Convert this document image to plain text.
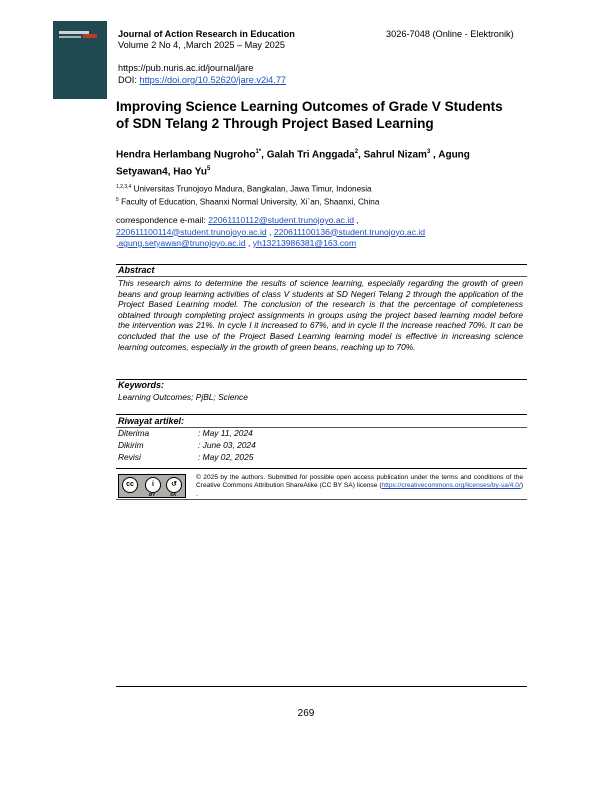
Journal of Action Research in Education	3026-7048 (Online - Elektronik)
Volume 2 No 4, ,March 2025 – May 2025
https://pub.nuris.ac.id/journal/jare
DOI: https://doi.org/10.52620/jare.v2i4.77
Improving Science Learning Outcomes of Grade V Students
of SDN Telang 2 Through Project Based Learning
Hendra Herlambang Nugroho$^{1*}$, Galah Tri Anggada$^2$, Sahrul Nizam$^3$ , Agung Setyawan4, Hao Yu$^5$
$^{1,2,3,4}$ Universitas Trunojoyo Madura, Bangkalan, Jawa Timur, Indonesia
$^5$ Faculty of Education, Shaanxi Normal University, Xi`an, Shaanxi, China
correspondence e-mail: 22061110112@student.trunojoyo.ac.id ,
220611100114@student.trunojoyo.ac.id , 220611100136@student.trunojoyo.ac.id
,agung.setyawan@trunojoyo.ac.id , yh13213986381@163.com
Abstract
This research aims to determine the results of science learning, especially regarding the growth of green beans and group learning activities of class V students at SD Negeri Telang 2 through the application of the Project Based Learning model. The conclusion of the research is that the percentage of completeness obtained through completing project assignments in groups using the project based learning model before the intervention was 21%. In cycle I it increased to 67%, and in cycle II the increase reached 70%. It can be concluded that the use of the Project Based Learning learning model is effective in increasing science learning outcomes, especially in the growth of green beans, reaching up to 70%.
Keywords:
Learning Outcomes; PjBL; Science
Riwayat artikel:
Diterima	: May 11, 2024
Dikirim	: June 03, 2024
Revisi	: May 02, 2025
cc	i	↺
BY	SA
© 2025 by the authors. Submitted for possible open access publication under the terms and conditions of the Creative Commons Attribution ShareAlike (CC BY SA) license (https://creativecommons.org/licenses/by-sa/4.0/) .
269
